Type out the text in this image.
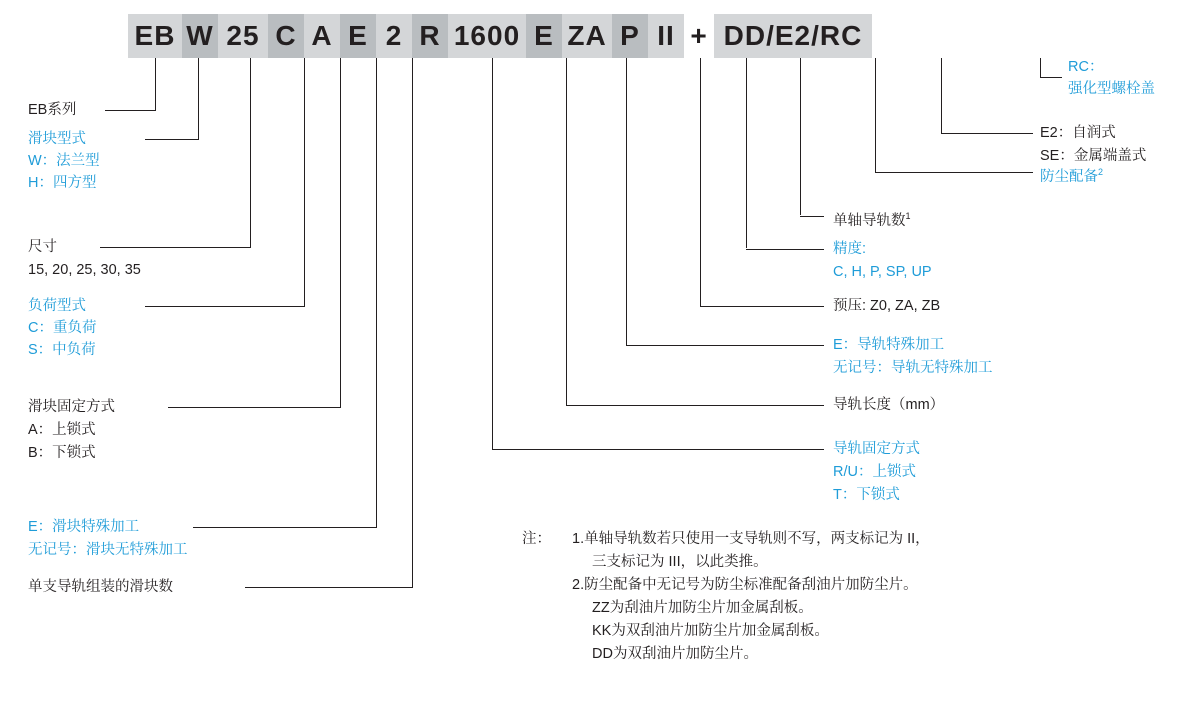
EB W 25 C A E 2 R 1600 E ZA P II + DD/E2/RC
EB系列
滑块型式
W：法兰型
H：四方型
尺寸
15, 20, 25, 30, 35
负荷型式
C：重负荷
S：中负荷
滑块固定方式
A：上锁式
B：下锁式
E：滑块特殊加工
无记号：滑块无特殊加工
单支导轨组装的滑块数
RC：
强化型螺栓盖
E2：自润式
SE：金属端盖式
防尘配备$^2$
单轴导轨数$^1$
精度:
C, H, P, SP, UP
预压: Z0, ZA, ZB
E：导轨特殊加工
无记号：导轨无特殊加工
导轨长度（mm）
导轨固定方式
R/U：上锁式
T：下锁式
注： 1.单轴导轨数若只使用一支导轨则不写，两支标记为 II，
三支标记为 III，以此类推。
2.防尘配备中无记号为防尘标准配备刮油片加防尘片。
ZZ为刮油片加防尘片加金属刮板。
KK为双刮油片加防尘片加金属刮板。
DD为双刮油片加防尘片。
